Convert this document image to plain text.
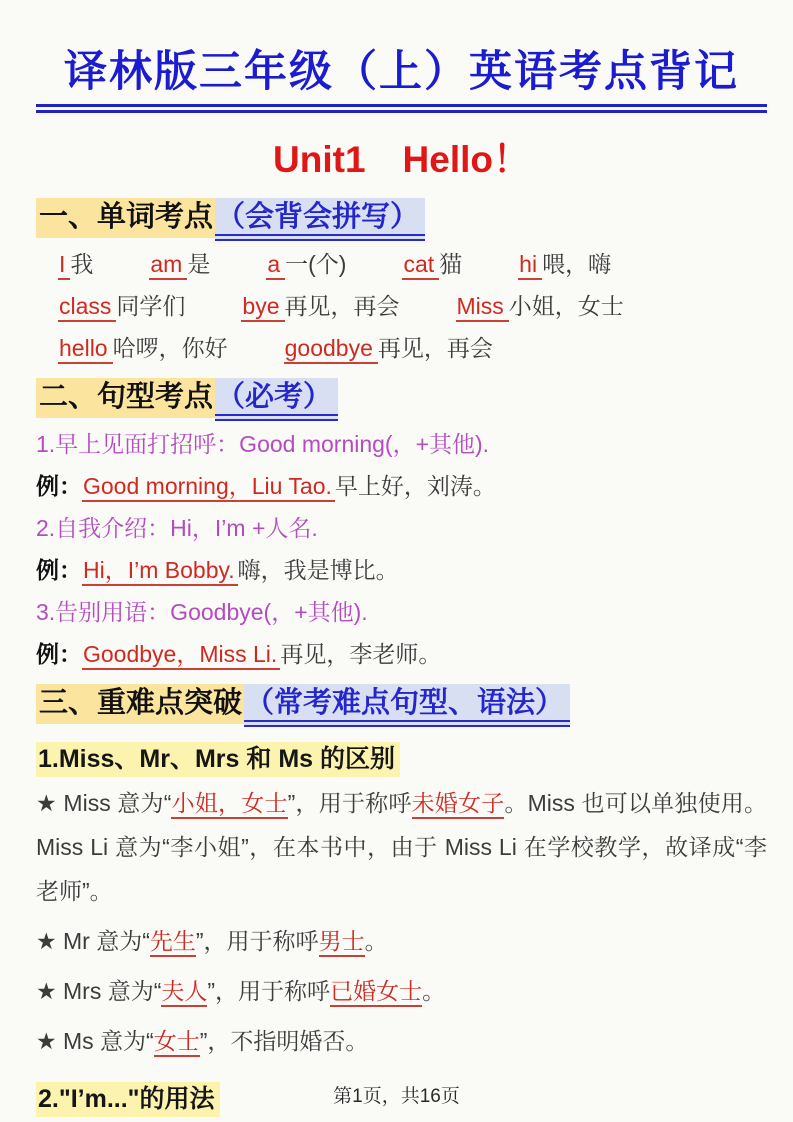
译林版三年级（上）英语考点背记
Unit1　Hello！
一、单词考点 （会背会拼写）
I 我 am 是 a 一(个) cat 猫 hi 喂，嗨
class 同学们 bye 再见，再会 Miss 小姐，女士
hello 哈啰，你好 goodbye 再见，再会
二、句型考点 （必考）
1.早上见面打招呼：Good morning(，+其他).
例：Good morning，Liu Tao. 早上好，刘涛。
2.自我介绍：Hi，I’m +人名.
例：Hi，I’m Bobby. 嗨，我是博比。
3.告别用语：Goodbye(，+其他).
例：Goodbye，Miss Li. 再见，李老师。
三、重难点突破 （常考难点句型、语法）
1.Miss、Mr、Mrs 和 Ms 的区别
★ Miss 意为“小姐，女士”，用于称呼未婚女子。Miss 也可以单独使用。Miss Li 意为“李小姐”，在本书中，由于 Miss Li 在学校教学，故译成“李老师”。
★ Mr 意为“先生”，用于称呼男士。
★ Mrs 意为“夫人”，用于称呼已婚女士。
★ Ms 意为“女士”，不指明婚否。
2."I’m..."的用法	第1页，共16页
